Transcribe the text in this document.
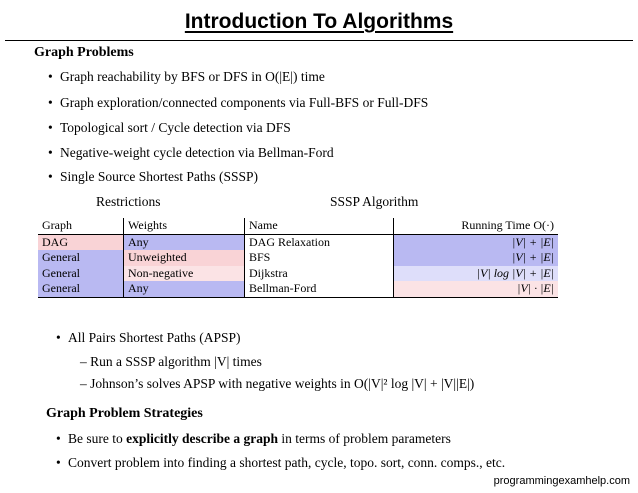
Introduction To Algorithms
Graph Problems
• Graph reachability by BFS or DFS in O(|E|) time
• Graph exploration/connected components via Full-BFS or Full-DFS
• Topological sort / Cycle detection via DFS
• Negative-weight cycle detection via Bellman-Ford
• Single Source Shortest Paths (SSSP)
Restrictions	SSSP Algorithm
Graph	Weights	Name	Running Time O(·)
DAG	Any	DAG Relaxation	|V| + |E|
General	Unweighted	BFS	|V| + |E|
General	Non-negative	Dijkstra	|V| log |V| + |E|
General	Any	Bellman-Ford	|V| · |E|
• All Pairs Shortest Paths (APSP)
– Run a SSSP algorithm |V| times
– Johnson’s solves APSP with negative weights in O(|V|² log |V| + |V||E|)
Graph Problem Strategies
• Be sure to explicitly describe a graph in terms of problem parameters
• Convert problem into finding a shortest path, cycle, topo. sort, conn. comps., etc.
programmingexamhelp.com
